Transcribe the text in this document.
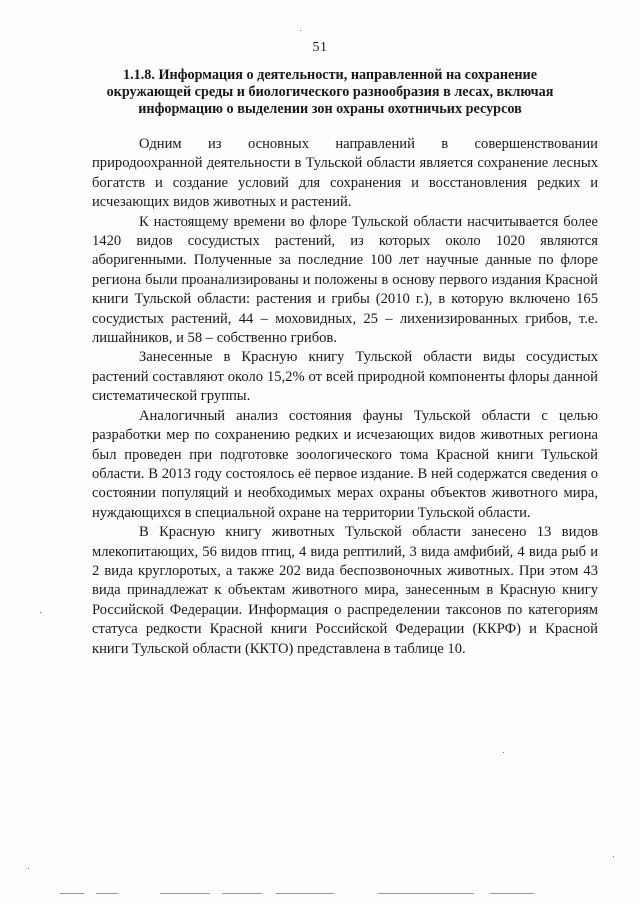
51
1.1.8. Информация о деятельности, направленной на сохранение окружающей среды и биологического разнообразия в лесах, включая информацию о выделении зон охраны охотничьих ресурсов

Одним из основных направлений в совершенствовании природоохранной деятельности в Тульской области является сохранение лесных богатств и создание условий для сохранения и восстановления редких и исчезающих видов животных и растений.

К настоящему времени во флоре Тульской области насчитывается более 1420 видов сосудистых растений, из которых около 1020 являются аборигенными. Полученные за последние 100 лет научные данные по флоре региона были проанализированы и положены в основу первого издания Красной книги Тульской области: растения и грибы (2010 г.), в которую включено 165 сосудистых растений, 44 – моховидных, 25 – лихенизированных грибов, т.е. лишайников, и 58 – собственно грибов.

Занесенные в Красную книгу Тульской области виды сосудистых растений составляют около 15,2% от всей природной компоненты флоры данной систематической группы.

Аналогичный анализ состояния фауны Тульской области с целью разработки мер по сохранению редких и исчезающих видов животных региона был проведен при подготовке зоологического тома Красной книги Тульской области. В 2013 году состоялось её первое издание. В ней содержатся сведения о состоянии популяций и необходимых мерах охраны объектов животного мира, нуждающихся в специальной охране на территории Тульской области.

В Красную книгу животных Тульской области занесено 13 видов млекопитающих, 56 видов птиц, 4 вида рептилий, 3 вида амфибий, 4 вида рыб и 2 вида круглоротых, а также 202 вида беспозвоночных животных. При этом 43 вида принадлежат к объектам животного мира, занесенным в Красную книгу Российской Федерации. Информация о распределении таксонов по категориям статуса редкости Красной книги Российской Федерации (ККРФ) и Красной книги Тульской области (ККТО) представлена в таблице 10.
